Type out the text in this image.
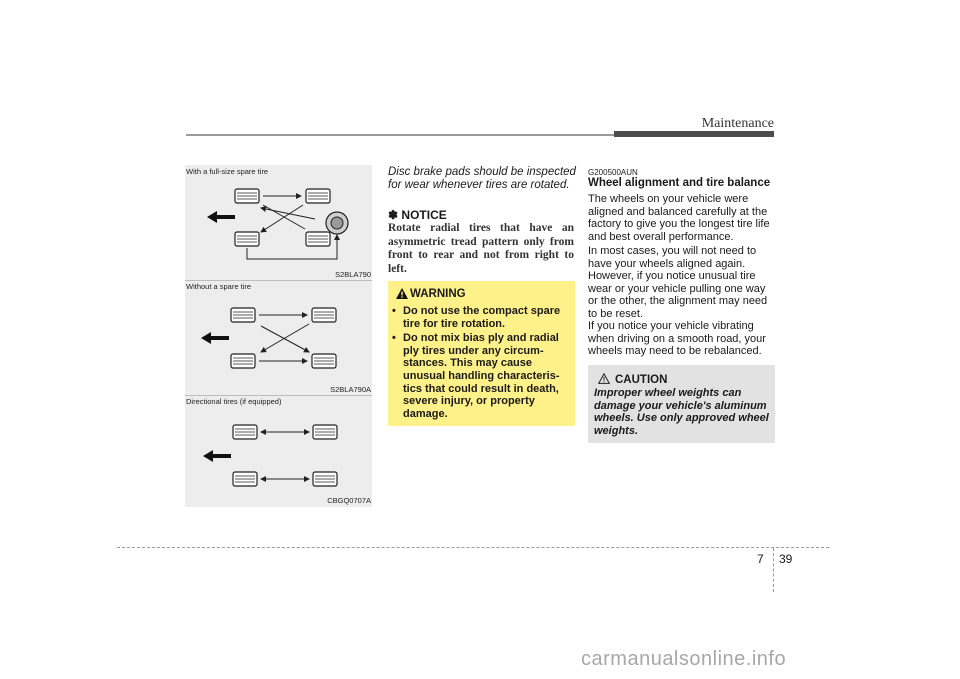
Maintenance
With a full-size spare tire
S2BLA790
Without a spare tire
S2BLA790A
Directional tires (if equipped)
CBGQ0707A
Disc brake pads should be inspected for wear whenever tires are rotated.
✽ NOTICE
Rotate radial tires that have an asymmetric tread pattern only from front to rear and not from right to left.
WARNING
• Do not use the compact spare tire for tire rotation.
• Do not mix bias ply and radial ply tires under any circumstances. This may cause unusual handling characteristics that could result in death, severe injury, or property damage.
G200500AUN
Wheel alignment and tire balance
The wheels on your vehicle were aligned and balanced carefully at the factory to give you the longest tire life and best overall performance.
In most cases, you will not need to have your wheels aligned again. However, if you notice unusual tire wear or your vehicle pulling one way or the other, the alignment may need to be reset.
If you notice your vehicle vibrating when driving on a smooth road, your wheels may need to be rebalanced.
CAUTION
Improper wheel weights can damage your vehicle's aluminum wheels. Use only approved wheel weights.
7 39
carmanualsonline.info
